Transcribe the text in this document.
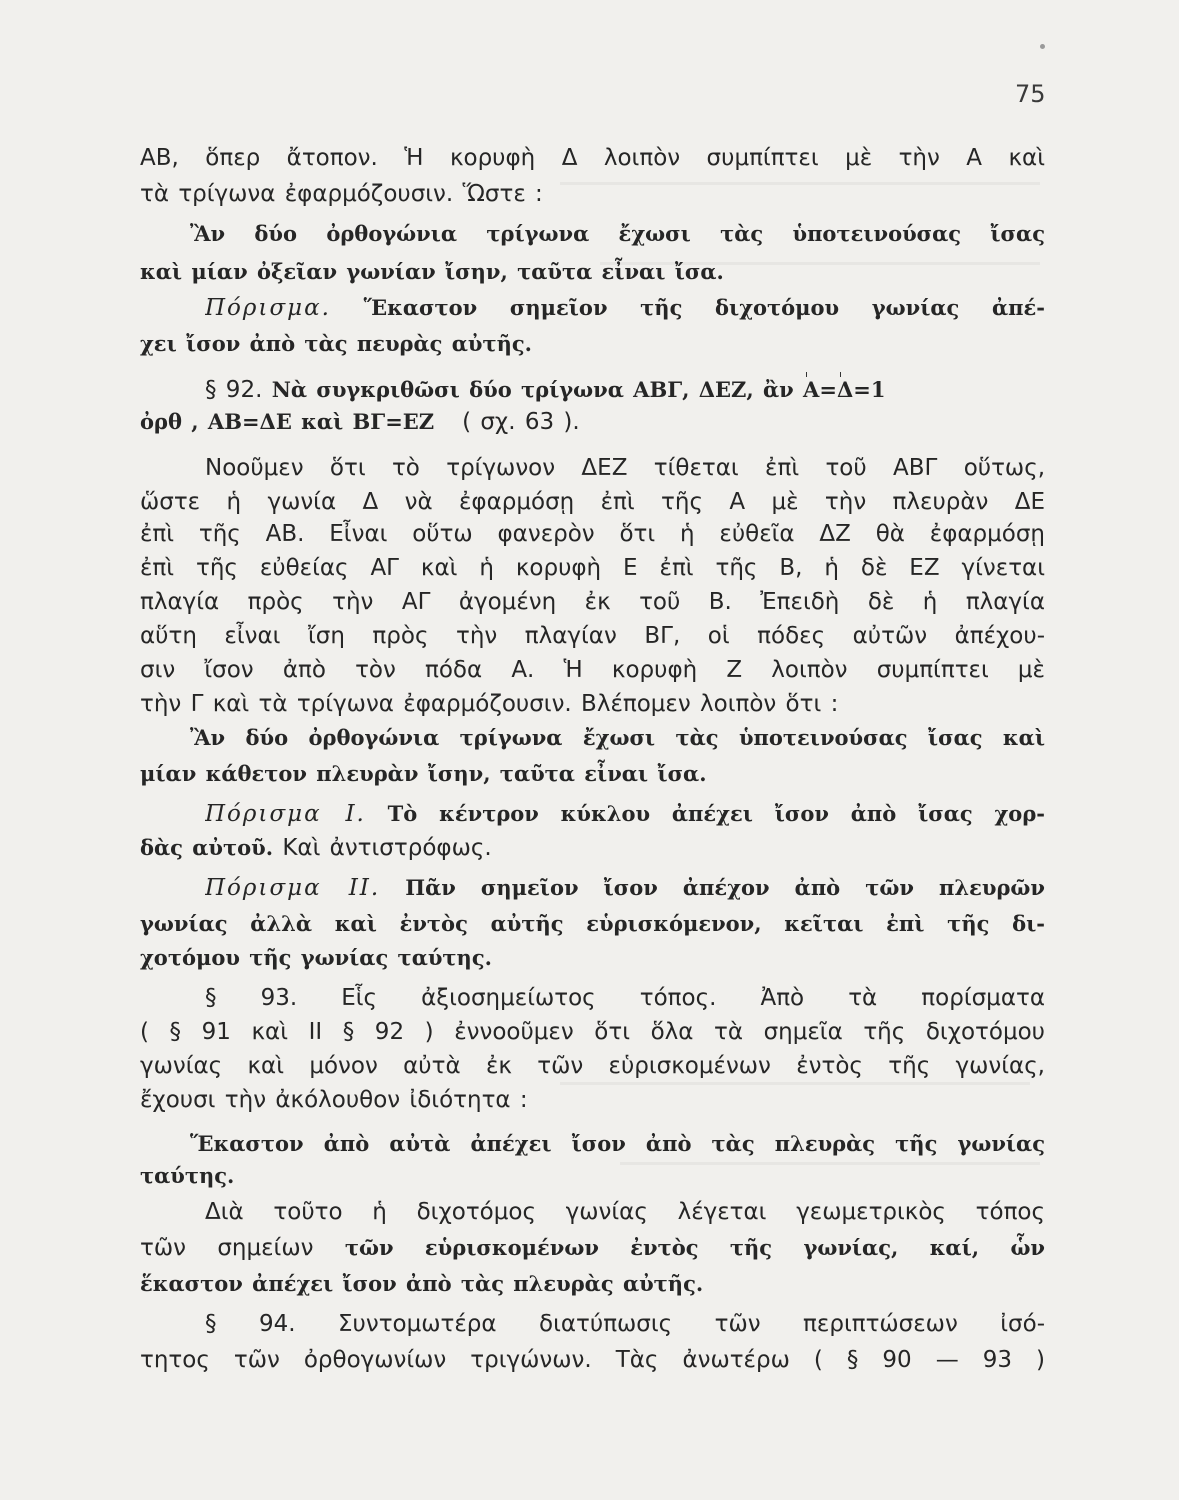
75
ΑΒ, ὅπερ ἄτοπον. Ἡ κορυφὴ Δ λοιπὸν συμπίπτει μὲ τὴν Α καὶ
τὰ τρίγωνα ἐφαρμόζουσιν. Ὥστε :
Ἂν δύο ὀρθογώνια τρίγωνα ἔχωσι τὰς ὑποτεινούσας ἴσας
καὶ μίαν ὀξεῖαν γωνίαν ἴσην, ταῦτα εἶναι ἴσα.
Πόρισμα. Ἕκαστον σημεῖον τῆς διχοτόμου γωνίας ἀπέ-
χει ἴσον ἀπὸ τὰς πευρὰς αὐτῆς.
§ 92. Νὰ συγκριθῶσι δύο τρίγωνα ΑΒΓ, ΔΕΖ, ἂν Α=Δ=1
ὀρθ , ΑΒ=ΔΕ καὶ ΒΓ=ΕΖ ( σχ. 63 ).
Νοοῦμεν ὅτι τὸ τρίγωνον ΔΕΖ τίθεται ἐπὶ τοῦ ΑΒΓ οὕτως,
ὥστε ἡ γωνία Δ νὰ ἐφαρμόσῃ ἐπὶ τῆς Α μὲ τὴν πλευρὰν ΔΕ
ἐπὶ τῆς ΑΒ. Εἶναι οὕτω φανερὸν ὅτι ἡ εὐθεῖα ΔΖ θὰ ἐφαρμόσῃ
ἐπὶ τῆς εὐθείας ΑΓ καὶ ἡ κορυφὴ Ε ἐπὶ τῆς Β, ἡ δὲ ΕΖ γίνεται
πλαγία πρὸς τὴν ΑΓ ἀγομένη ἐκ τοῦ Β. Ἐπειδὴ δὲ ἡ πλαγία
αὕτη εἶναι ἴση πρὸς τὴν πλαγίαν ΒΓ, οἱ πόδες αὐτῶν ἀπέχου-
σιν ἴσον ἀπὸ τὸν πόδα Α. Ἡ κορυφὴ Ζ λοιπὸν συμπίπτει μὲ
τὴν Γ καὶ τὰ τρίγωνα ἐφαρμόζουσιν. Βλέπομεν λοιπὸν ὅτι :
Ἂν δύο ὀρθογώνια τρίγωνα ἔχωσι τὰς ὑποτεινούσας ἴσας καὶ
μίαν κάθετον πλευρὰν ἴσην, ταῦτα εἶναι ἴσα.
Πόρισμα Ι. Τὸ κέντρον κύκλου ἀπέχει ἴσον ἀπὸ ἴσας χορ-
δὰς αὐτοῦ. Καὶ ἀντιστρόφως.
Πόρισμα ΙΙ. Πᾶν σημεῖον ἴσον ἀπέχον ἀπὸ τῶν πλευρῶν
γωνίας ἀλλὰ καὶ ἐντὸς αὐτῆς εὑρισκόμενον, κεῖται ἐπὶ τῆς δι-
χοτόμου τῆς γωνίας ταύτης.
§ 93. Εἷς ἀξιοσημείωτος τόπος. Ἀπὸ τὰ πορίσματα
( § 91 καὶ ΙΙ § 92 ) ἐννοοῦμεν ὅτι ὅλα τὰ σημεῖα τῆς διχοτόμου
γωνίας καὶ μόνον αὐτὰ ἐκ τῶν εὑρισκομένων ἐντὸς τῆς γωνίας,
ἔχουσι τὴν ἀκόλουθον ἰδιότητα :
Ἕκαστον ἀπὸ αὐτὰ ἀπέχει ἴσον ἀπὸ τὰς πλευρὰς τῆς γωνίας
ταύτης.
Διὰ τοῦτο ἡ διχοτόμος γωνίας λέγεται γεωμετρικὸς τόπος
τῶν σημείων τῶν εὑρισκομένων ἐντὸς τῆς γωνίας, καί, ὧν
ἕκαστον ἀπέχει ἴσον ἀπὸ τὰς πλευρὰς αὐτῆς.
§ 94. Συντομωτέρα διατύπωσις τῶν περιπτώσεων ἰσό-
τητος τῶν ὀρθογωνίων τριγώνων. Τὰς ἀνωτέρω ( § 90 — 93 )
